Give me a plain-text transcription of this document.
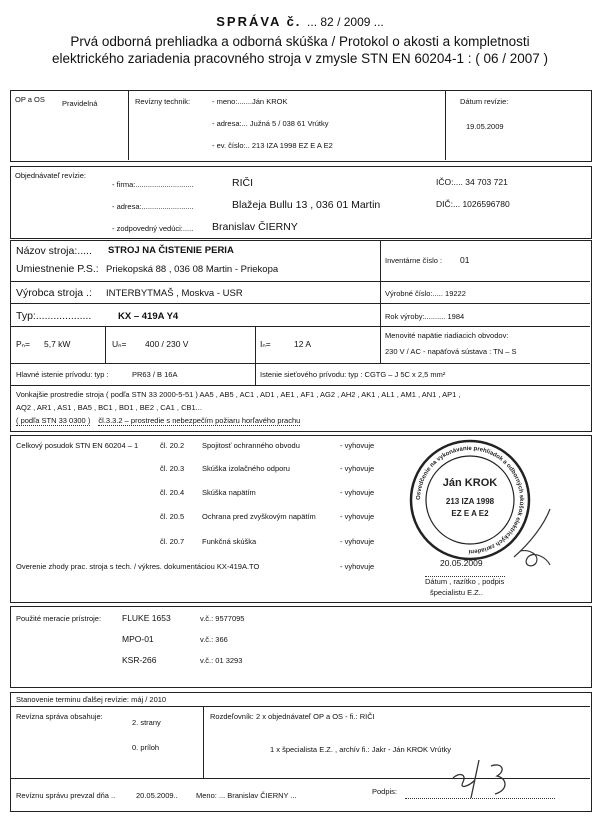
SPRÁVA č. ... 82 / 2009 ...
Prvá odborná prehliadka a odborná skúška / Protokol o akosti a kompletnosti
elektrického zariadenia pracovného stroja v zmysle STN EN 60204-1 : ( 06 / 2007 )
OP a OS Pravidelná	Revízny technik:	- meno:.......Ján KROK
- adresa:... Južná 5 / 038 61 Vrútky
- ev. číslo:.. 213 IZA 1998 EZ E A E2
Dátum revízie:
19.05.2009
Objednávateľ revízie:
- firma:............................	RIČI
- adresa:.........................	Blažeja Bullu 13 , 036 01 Martin
- zodpovedný vedúci:..... Branislav ČIERNY
IČO:.... 34 703 721
DIČ:... 1026596780
Názov stroja:..... STROJ NA ČISTENIE PERIA
Umiestnenie P.S.: Priekopská 88 , 036 08 Martin - Priekopa
Inventárne číslo : 01
Výrobca stroja .: INTERBYTMAŠ , Moskva - USR	Výrobné číslo:..... 19222
Typ:...................	KX – 419A Y4	Rok výroby:.......... 1984
Pₙ= 5,7 kW	Uₙ= 400 / 230 V	Iₙ=	12 A
Menovité napätie riadiacich obvodov:
230 V / AC - napäťová sústava : TN – S
Hlavné istenie prívodu: typ :	PR63 / B 16A	Istenie sieťového prívodu: typ : CGTG – J 5C x 2,5 mm²
Vonkajšie prostredie stroja ( podľa STN 33 2000-5-51 ) AA5 , AB5 , AC1 , AD1 , AE1 , AF1 , AG2 , AH2 , AK1 , AL1 , AM1 , AN1 , AP1 ,
AQ2 , AR1 , AS1 , BA5 , BC1 , BD1 , BE2 , CA1 , CB1...
( podľa STN 33 0300 ) čl.3.3.2 – prostredie s nebezpečím požiaru horľavého prachu
Celkový posudok STN EN 60204 – 1	čl. 20.2 Spojitosť ochranného obvodu	- vyhovuje
čl. 20.3 Skúška izolačného odporu	- vyhovuje
čl. 20.4 Skúška napätím	- vyhovuje
čl. 20.5 Ochrana pred zvyškovým napätím	- vyhovuje
čl. 20.7 Funkčná skúška	- vyhovuje
Overenie zhody prac. stroja s tech. / výkres. dokumentáciou KX-419A.TO	- vyhovuje
Osvedčenie na vykonávanie prehliadok a odborných skúšok elektrických zariadení
Ján KROK
213 IZA 1998
EZ E A E2
20.05.2009
Dátum , razítko , podpis
špecialistu E.Z..
Použité meracie prístroje: FLUKE 1653	v.č.: 9577095
MPO-01	v.č.: 366
KSR-266	v.č.: 01 3293
Stanovenie terminu ďalšej revízie: máj / 2010
Revízna správa obsahuje:
2. strany
0. príloh
Rozdeľovník: 2 x objednávateľ OP a OS - fi.: RIČI
1 x špecialista E.Z. , archív fi.: Jakr - Ján KROK Vrútky
Revíznu správu prevzal dňa ..	20.05.2009.. Meno: ... Branislav ČIERNY ...	Podpis:
